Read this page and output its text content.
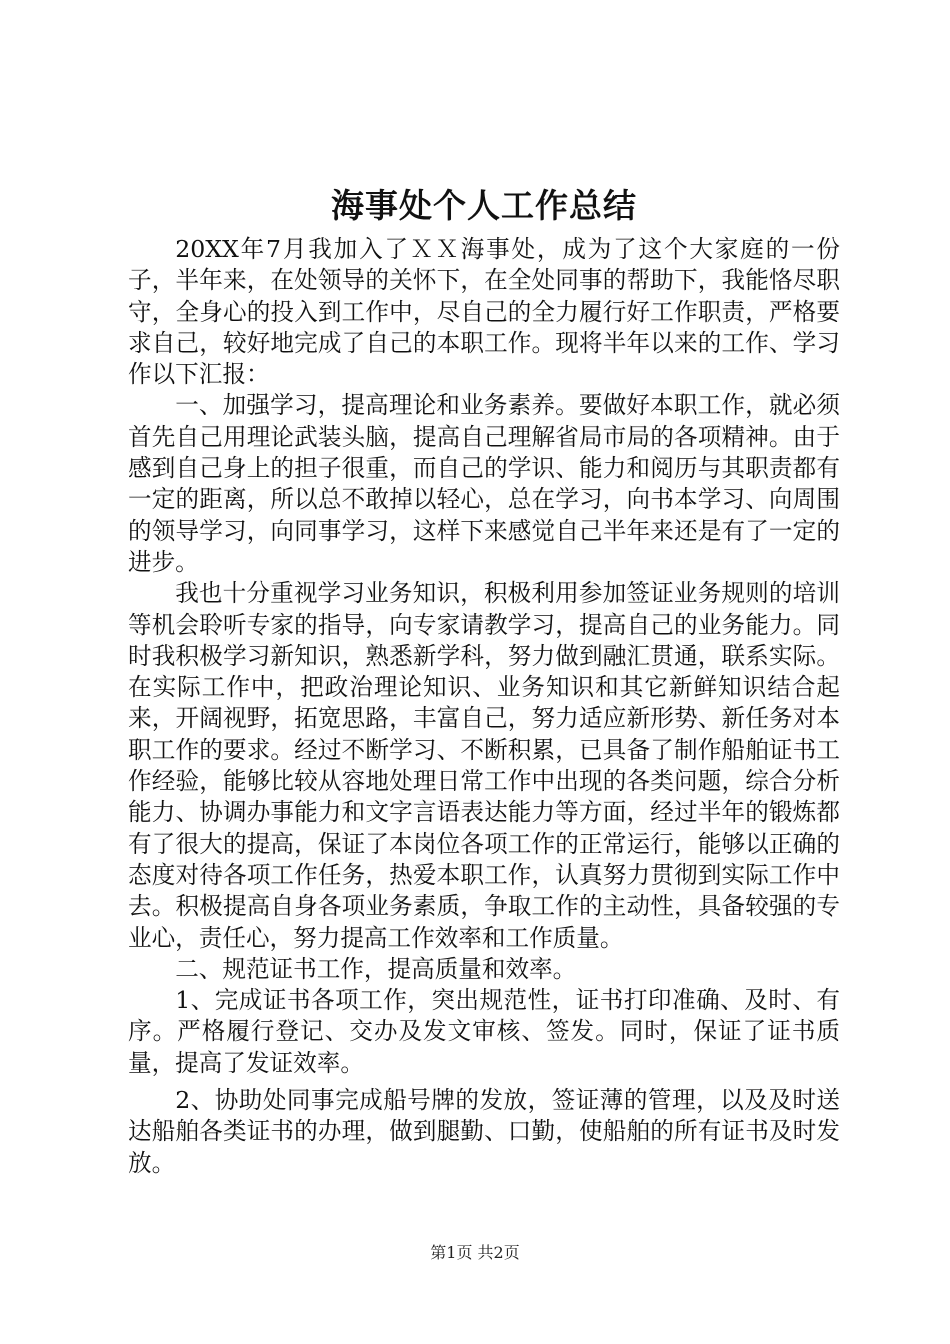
海事处个人工作总结

20XX年7月我加入了ＸＸ海事处，成为了这个大家庭的一份子，半年来，在处领导的关怀下，在全处同事的帮助下，我能恪尽职守，全身心的投入到工作中，尽自己的全力履行好工作职责，严格要求自己，较好地完成了自己的本职工作。现将半年以来的工作、学习作以下汇报：

一、加强学习，提高理论和业务素养。要做好本职工作，就必须首先自己用理论武装头脑，提高自己理解省局市局的各项精神。由于感到自己身上的担子很重，而自己的学识、能力和阅历与其职责都有一定的距离，所以总不敢掉以轻心，总在学习，向书本学习、向周围的领导学习，向同事学习，这样下来感觉自己半年来还是有了一定的进步。

我也十分重视学习业务知识，积极利用参加签证业务规则的培训等机会聆听专家的指导，向专家请教学习，提高自己的业务能力。同时我积极学习新知识，熟悉新学科，努力做到融汇贯通，联系实际。在实际工作中，把政治理论知识、业务知识和其它新鲜知识结合起来，开阔视野，拓宽思路，丰富自己，努力适应新形势、新任务对本职工作的要求。经过不断学习、不断积累，已具备了制作船舶证书工作经验，能够比较从容地处理日常工作中出现的各类问题，综合分析能力、协调办事能力和文字言语表达能力等方面，经过半年的锻炼都有了很大的提高，保证了本岗位各项工作的正常运行，能够以正确的态度对待各项工作任务，热爱本职工作，认真努力贯彻到实际工作中去。积极提高自身各项业务素质，争取工作的主动性，具备较强的专业心，责任心，努力提高工作效率和工作质量。

二、规范证书工作，提高质量和效率。

1、完成证书各项工作，突出规范性，证书打印准确、及时、有序。严格履行登记、交办及发文审核、签发。同时，保证了证书质量，提高了发证效率。

2、协助处同事完成船号牌的发放，签证薄的管理，以及及时送达船舶各类证书的办理，做到腿勤、口勤，使船舶的所有证书及时发放。

第1页 共2页
